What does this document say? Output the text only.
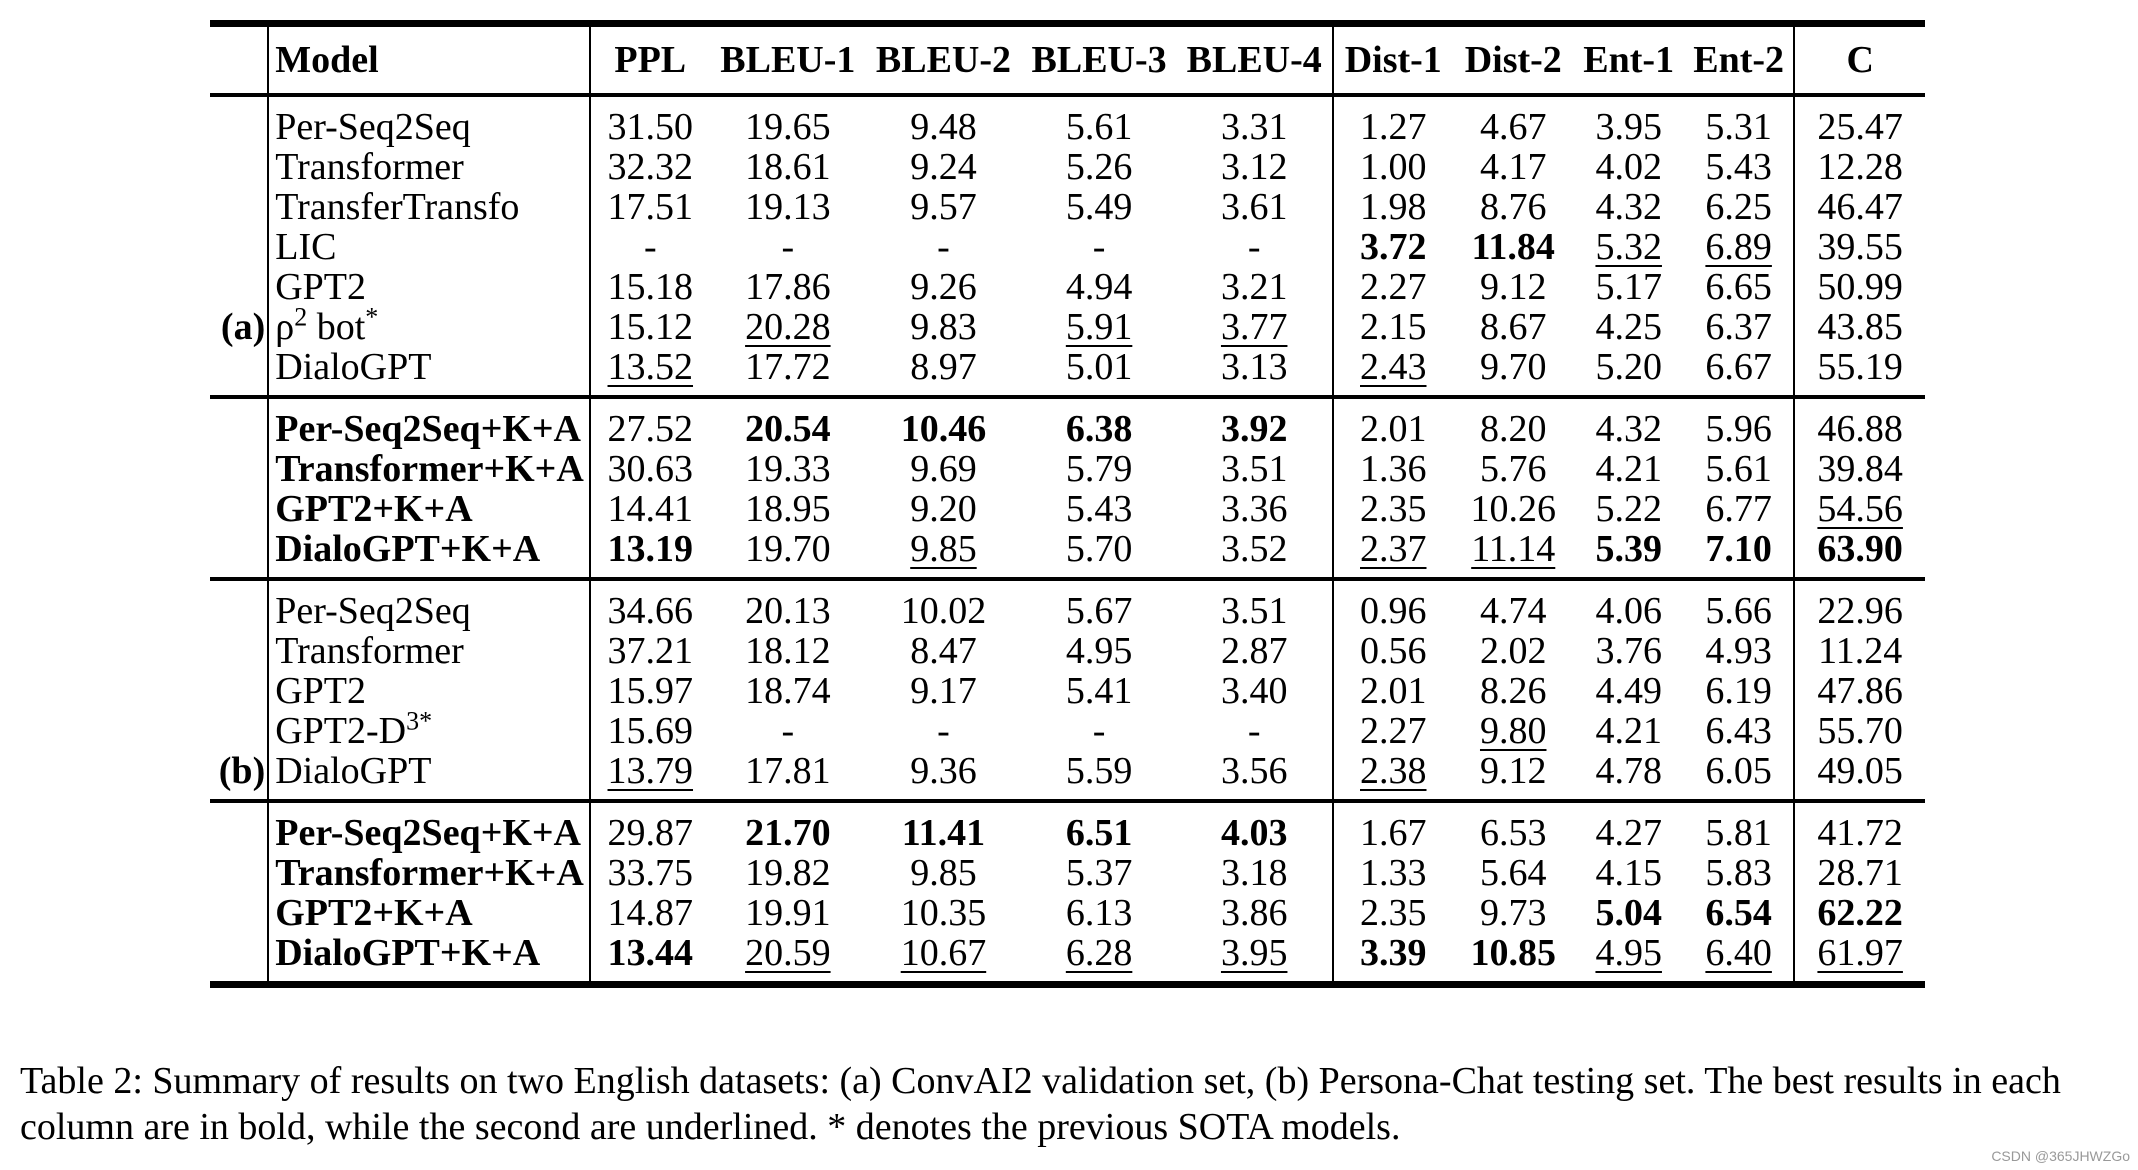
	Model	PPL	BLEU-1	BLEU-2	BLEU-3	BLEU-4	Dist-1	Dist-2	Ent-1	Ent-2	C
	Per-Seq2Seq	31.50	19.65	9.48	5.61	3.31	1.27	4.67	3.95	5.31	25.47
	Transformer	32.32	18.61	9.24	5.26	3.12	1.00	4.17	4.02	5.43	12.28
	TransferTransfo	17.51	19.13	9.57	5.49	3.61	1.98	8.76	4.32	6.25	46.47
	LIC	-	-	-	-	-	3.72	11.84	5.32	6.89	39.55
	GPT2	15.18	17.86	9.26	4.94	3.21	2.27	9.12	5.17	6.65	50.99
(a)	$\rho^2$ bot*	15.12	20.28	9.83	5.91	3.77	2.15	8.67	4.25	6.37	43.85
	DialoGPT	13.52	17.72	8.97	5.01	3.13	2.43	9.70	5.20	6.67	55.19
	Per-Seq2Seq+K+A	27.52	20.54	10.46	6.38	3.92	2.01	8.20	4.32	5.96	46.88
	Transformer+K+A	30.63	19.33	9.69	5.79	3.51	1.36	5.76	4.21	5.61	39.84
	GPT2+K+A	14.41	18.95	9.20	5.43	3.36	2.35	10.26	5.22	6.77	54.56
	DialoGPT+K+A	13.19	19.70	9.85	5.70	3.52	2.37	11.14	5.39	7.10	63.90
	Per-Seq2Seq	34.66	20.13	10.02	5.67	3.51	0.96	4.74	4.06	5.66	22.96
	Transformer	37.21	18.12	8.47	4.95	2.87	0.56	2.02	3.76	4.93	11.24
	GPT2	15.97	18.74	9.17	5.41	3.40	2.01	8.26	4.49	6.19	47.86
	$GPT2-D^{3*}$	15.69	-	-	-	-	2.27	9.80	4.21	6.43	55.70
(b)	DialoGPT	13.79	17.81	9.36	5.59	3.56	2.38	9.12	4.78	6.05	49.05
	Per-Seq2Seq+K+A	29.87	21.70	11.41	6.51	4.03	1.67	6.53	4.27	5.81	41.72
	Transformer+K+A	33.75	19.82	9.85	5.37	3.18	1.33	5.64	4.15	5.83	28.71
	GPT2+K+A	14.87	19.91	10.35	6.13	3.86	2.35	9.73	5.04	6.54	62.22
	DialoGPT+K+A	13.44	20.59	10.67	6.28	3.95	3.39	10.85	4.95	6.40	61.97
Table 2: Summary of results on two English datasets: (a) ConvAI2 validation set, (b) Persona-Chat testing set. The best results in each column are in bold, while the second are underlined. * denotes the previous SOTA models.
CSDN @365JHWZGo
